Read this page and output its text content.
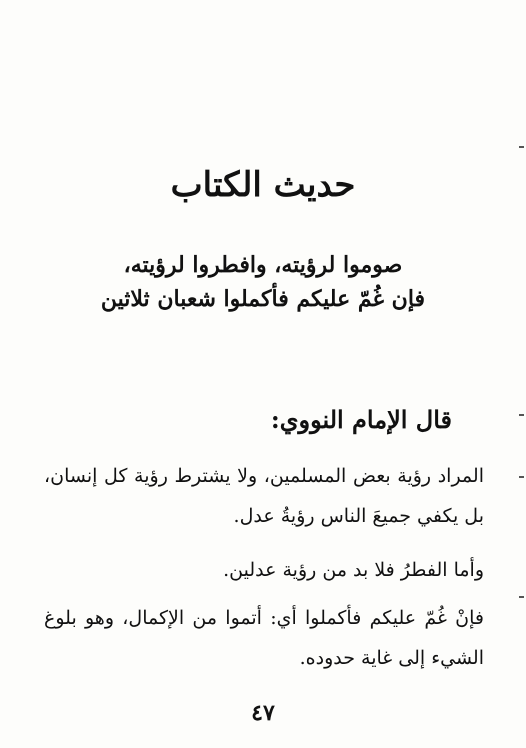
حديث الكتاب
صوموا لرؤيته، وافطروا لرؤيته،
فإن غُمّ عليكم فأكملوا شعبان ثلاثين
قال الإمام النووي:
المراد رؤية بعض المسلمين، ولا يشترط رؤية كل إنسان، بل يكفي جميعَ الناس رؤيةُ عدل.
وأما الفطرُ فلا بد من رؤية عدلين.
فإنْ غُمّ عليكم فأكملوا أي: أتموا من الإكمال، وهو بلوغ الشيء إلى غاية حدوده.
٤٧
